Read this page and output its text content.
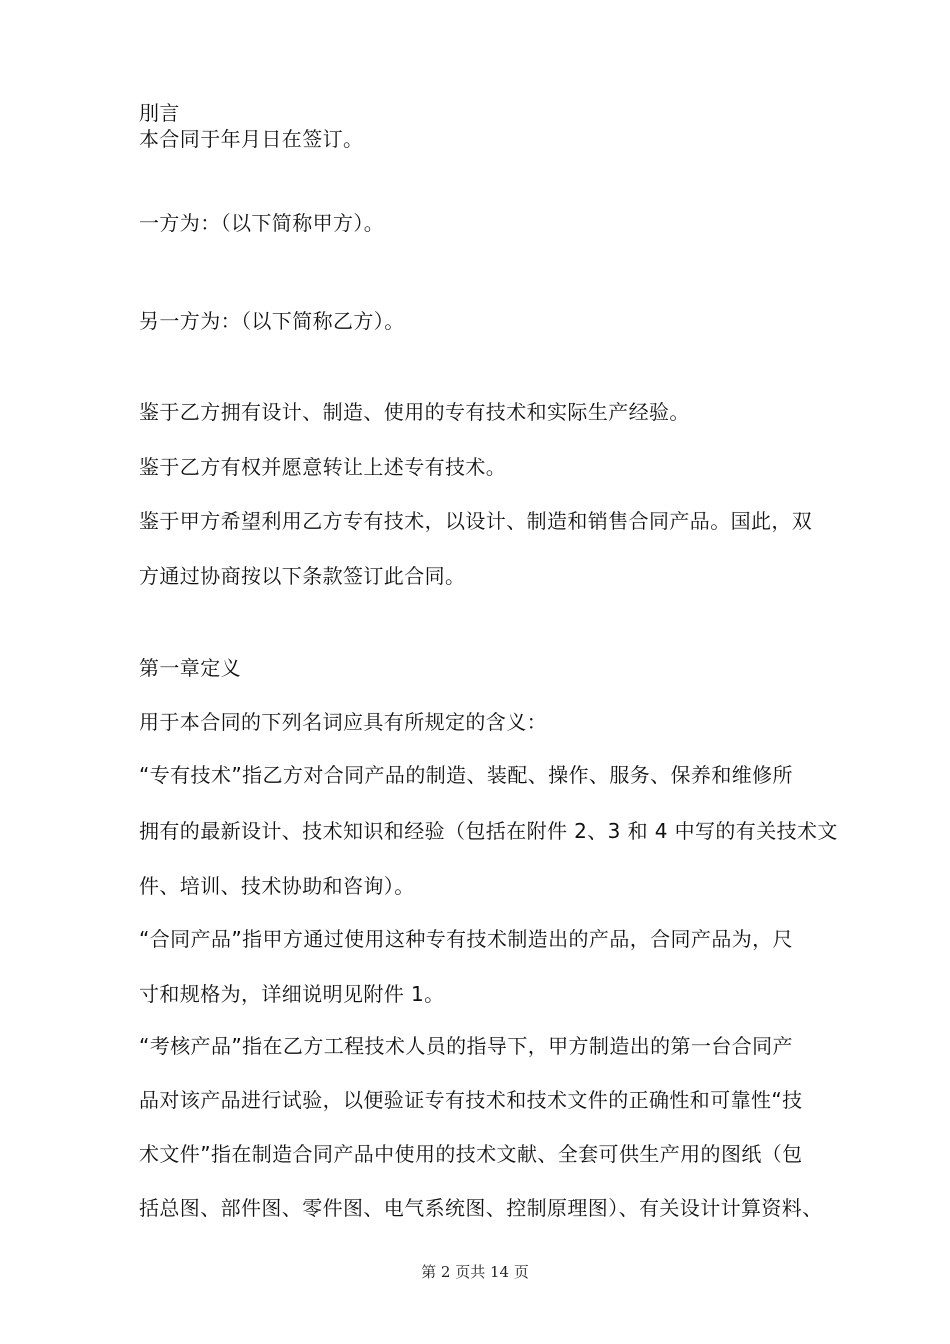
刖言
本合同于年月日在签订。
一方为：（以下简称甲方）。
另一方为：（以下简称乙方）。
鉴于乙方拥有设计、制造、使用的专有技术和实际生产经验。
鉴于乙方有权并愿意转让上述专有技术。
鉴于甲方希望利用乙方专有技术，以设计、制造和销售合同产品。国此，双
方通过协商按以下条款签订此合同。
第一章定义
用于本合同的下列名词应具有所规定的含义：
“专有技术”指乙方对合同产品的制造、装配、操作、服务、保养和维修所
拥有的最新设计、技术知识和经验（包括在附件 2、3 和 4 中写的有关技术文
件、培训、技术协助和咨询）。
“合同产品”指甲方通过使用这种专有技术制造出的产品，合同产品为，尺
寸和规格为，详细说明见附件 1。
“考核产品”指在乙方工程技术人员的指导下，甲方制造出的第一台合同产
品对该产品进行试验，以便验证专有技术和技术文件的正确性和可靠性“技
术文件”指在制造合同产品中使用的技术文献、全套可供生产用的图纸（包
括总图、部件图、零件图、电气系统图、控制原理图）、有关设计计算资料、
第 2 页共 14 页
